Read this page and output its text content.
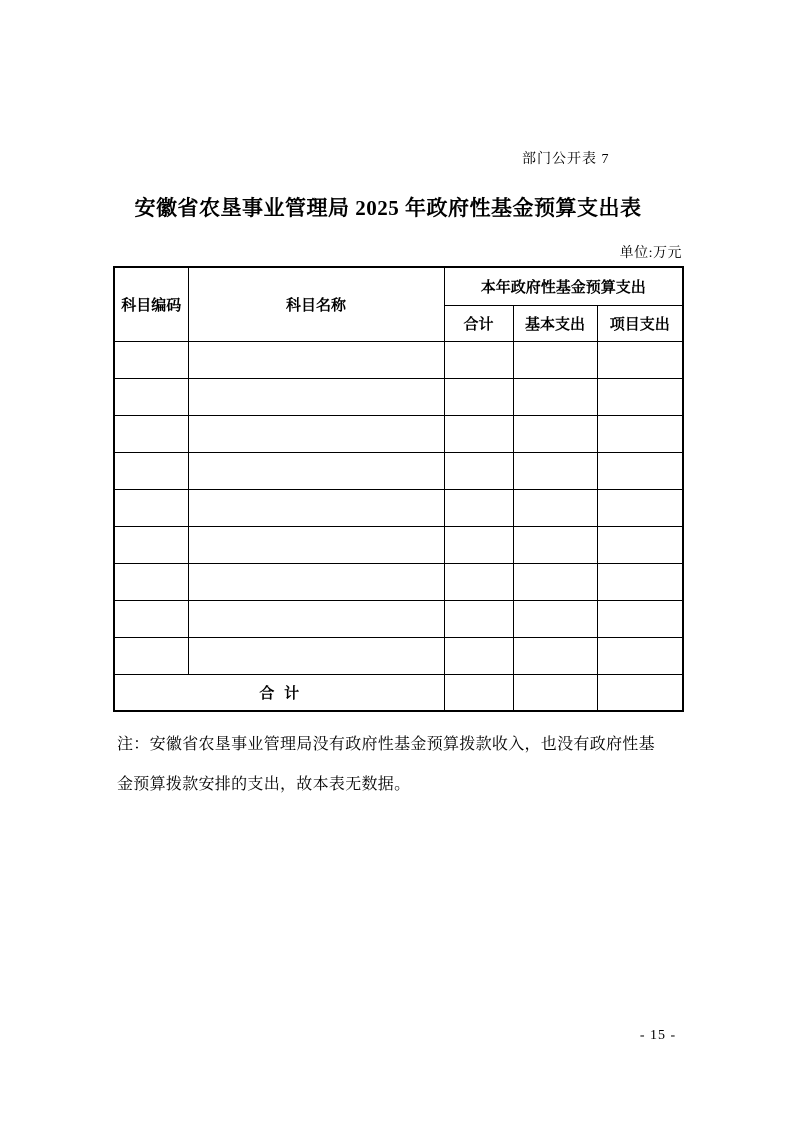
部门公开表 7
安徽省农垦事业管理局 2025 年政府性基金预算支出表
单位:万元
科目编码	科目名称	本年政府性基金预算支出		
		合计	基本支出	项目支出

合 计				
注：安徽省农垦事业管理局没有政府性基金预算拨款收入，也没有政府性基
金预算拨款安排的支出，故本表无数据。
- 15 -
